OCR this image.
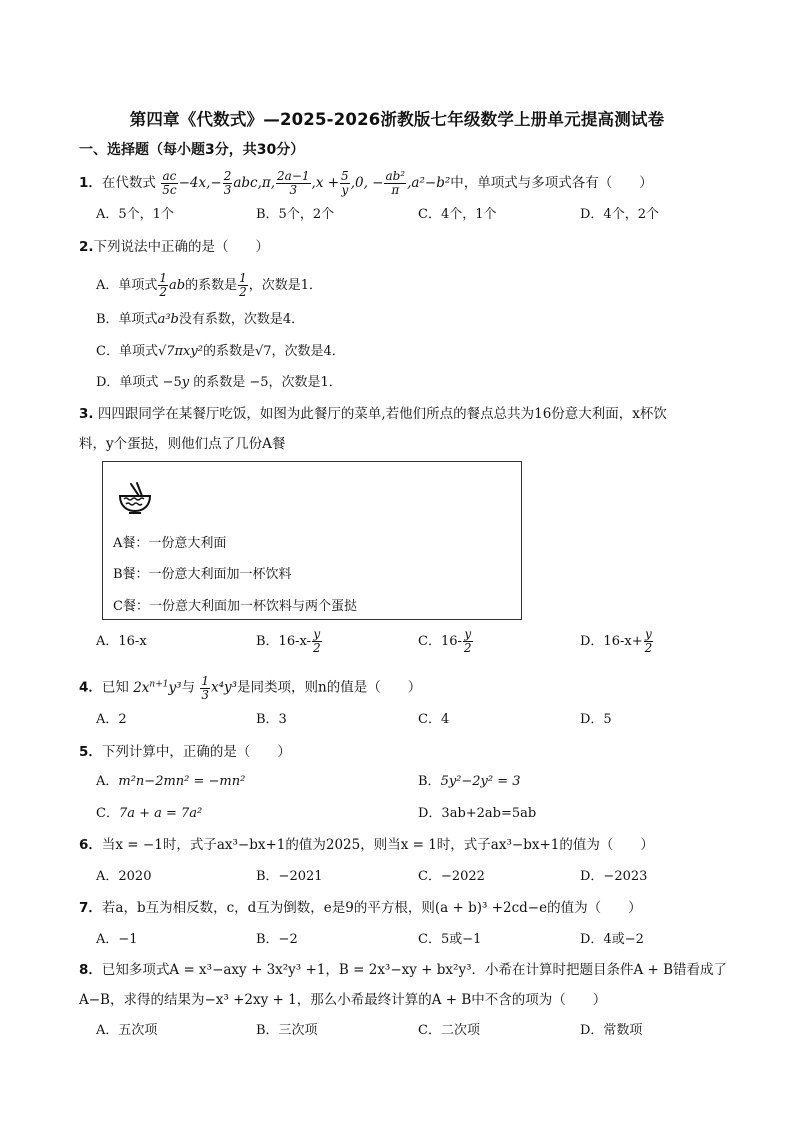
第四章《代数式》—2025-2026浙教版七年级数学上册单元提高测试卷
一、选择题（每小题3分，共30分）
1．在代数式 $\frac{ac}{5c} -4x,- \frac{2}{3} abc,\pi$, $\frac{2a-1}{3} ,x + \frac{5}{y} ,0$, − $\frac{\text{ab²}}{\pi} ,a^2-b^2$中，单项式与多项式各有（　　）
A．5个，1个	B．5个，2个	C．4个，1个	D．4个，2个
2.下列说法中正确的是（　　）
A．单项式 $\frac{1}{2}$ ab的系数是 $\frac{1}{2}$ ，次数是1．
B．单项式a³b没有系数，次数是4．
C．单项式√7πxy²的系数是√7，次数是4．
D．单项式 −5y 的系数是 −5，次数是1．
3. 四四跟同学在某餐厅吃饭，如图为此餐厅的菜单,若他们所点的餐点总共为16份意大利面，x杯饮
料，y个蛋挞，则他们点了几份A餐
A餐：一份意大利面
B餐：一份意大利面加一杯饮料
C餐：一份意大利面加一杯饮料与两个蛋挞
A．16-x	B．$16-x- \frac{y}{2}$	C．$16- \frac{y}{2}$	D．$16-x+ \frac{y}{2}$
4．已知 $2x^{n+1}y^3$与 $\frac{1}{3} x^4y^3$是同类项，则n的值是（　　）
A．2	B．3	C．4	D．5
5．下列计算中，正确的是（　　）
A．m²n−2mn² = −mn²	B．5y²−2y² = 3
C．7a + a = 7a²	D．3ab+2ab=5ab
6．当x = −1时，式子ax³−bx+1的值为2025，则当x = 1时，式子ax³−bx+1的值为（　　）
A．2020	B．−2021	C．−2022	D．−2023
7．若a，b互为相反数，c，d互为倒数，e是9的平方根，则(a + b)³ +2cd−e的值为（　　）
A．−1	B．−2	C．5或−1	D．4或−2
8．已知多项式A = x³−axy + 3x²y³ +1，B = 2x³−xy + bx²y³．小希在计算时把题目条件A + B错看成了
A−B，求得的结果为−x³ +2xy + 1，那么小希最终计算的A + B中不含的项为（　　）
A．五次项	B．三次项	C．二次项	D．常数项
